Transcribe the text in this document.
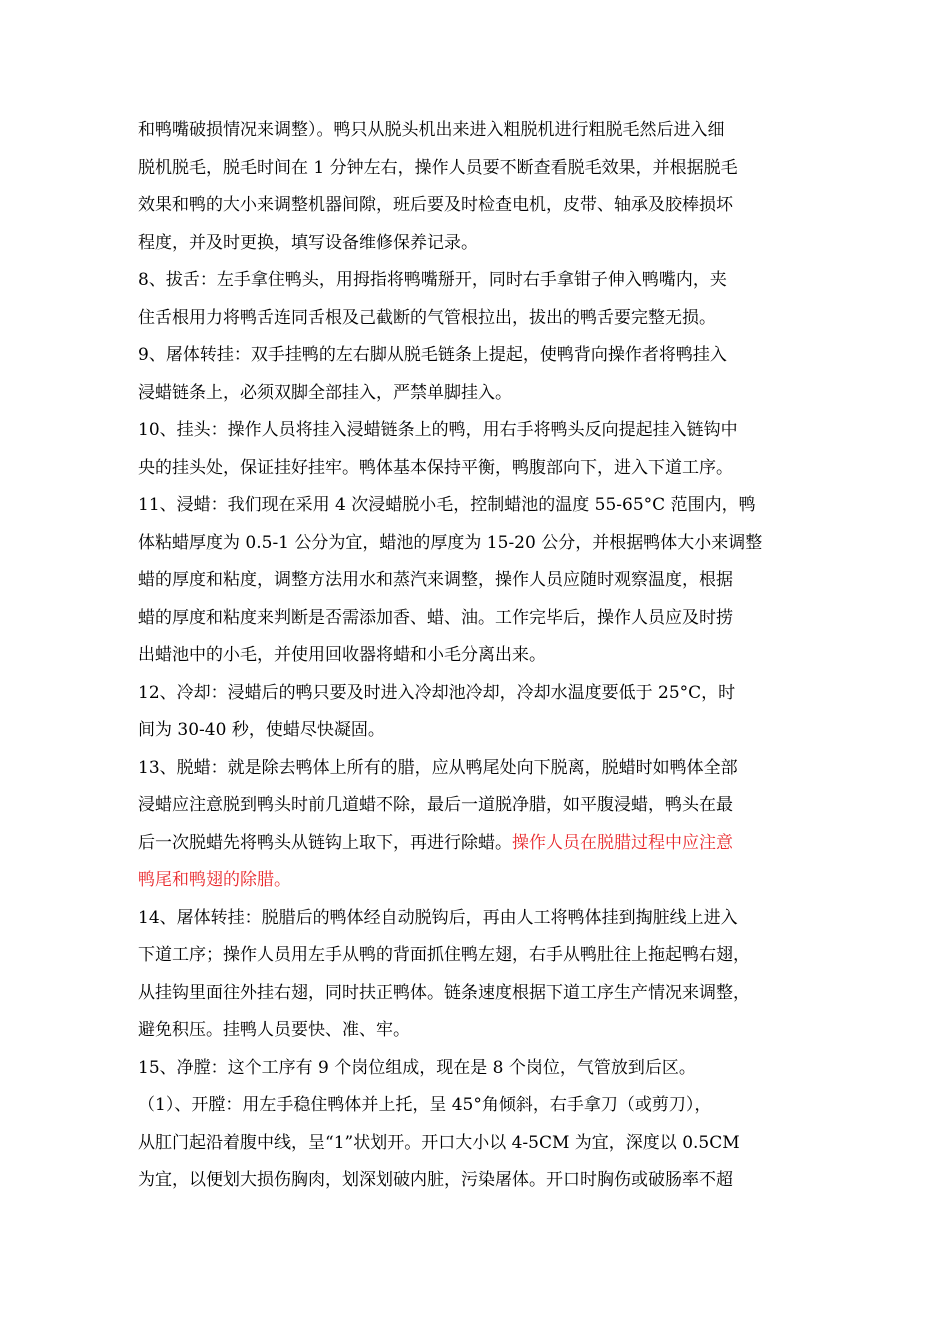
和鸭嘴破损情况来调整）。鸭只从脱头机出来进入粗脱机进行粗脱毛然后进入细
脱机脱毛，脱毛时间在 1 分钟左右，操作人员要不断查看脱毛效果，并根据脱毛
效果和鸭的大小来调整机器间隙，班后要及时检查电机，皮带、轴承及胶棒损坏
程度，并及时更换，填写设备维修保养记录。
8、拔舌：左手拿住鸭头，用拇指将鸭嘴掰开，同时右手拿钳子伸入鸭嘴内，夹
住舌根用力将鸭舌连同舌根及己截断的气管根拉出，拔出的鸭舌要完整无损。
9、屠体转挂：双手挂鸭的左右脚从脱毛链条上提起，使鸭背向操作者将鸭挂入
浸蜡链条上，必须双脚全部挂入，严禁单脚挂入。
10、挂头：操作人员将挂入浸蜡链条上的鸭，用右手将鸭头反向提起挂入链钩中
央的挂头处，保证挂好挂牢。鸭体基本保持平衡，鸭腹部向下，进入下道工序。
11、浸蜡：我们现在采用 4 次浸蜡脱小毛，控制蜡池的温度 55-65°C 范围内，鸭
体粘蜡厚度为 0.5-1 公分为宜，蜡池的厚度为 15-20 公分，并根据鸭体大小来调整
蜡的厚度和粘度，调整方法用水和蒸汽来调整，操作人员应随时观察温度，根据
蜡的厚度和粘度来判断是否需添加香、蜡、油。工作完毕后，操作人员应及时捞
出蜡池中的小毛，并使用回收器将蜡和小毛分离出来。
12、冷却：浸蜡后的鸭只要及时进入冷却池冷却，冷却水温度要低于 25°C，时
间为 30-40 秒，使蜡尽快凝固。
13、脱蜡：就是除去鸭体上所有的腊，应从鸭尾处向下脱离，脱蜡时如鸭体全部
浸蜡应注意脱到鸭头时前几道蜡不除，最后一道脱净腊，如平腹浸蜡，鸭头在最
后一次脱蜡先将鸭头从链钩上取下，再进行除蜡。操作人员在脱腊过程中应注意
鸭尾和鸭翅的除腊。
14、屠体转挂：脱腊后的鸭体经自动脱钩后，再由人工将鸭体挂到掏脏线上进入
下道工序；操作人员用左手从鸭的背面抓住鸭左翅，右手从鸭肚往上拖起鸭右翅，
从挂钩里面往外挂右翅，同时扶正鸭体。链条速度根据下道工序生产情况来调整，
避免积压。挂鸭人员要快、准、牢。
15、净膛：这个工序有 9 个岗位组成，现在是 8 个岗位，气管放到后区。
（1）、开膛：用左手稳住鸭体并上托，呈 45°角倾斜，右手拿刀（或剪刀），
从肛门起沿着腹中线，呈“1”状划开。开口大小以 4-5CM 为宜，深度以 0.5CM
为宜，以便划大损伤胸肉，划深划破内脏，污染屠体。开口时胸伤或破肠率不超
